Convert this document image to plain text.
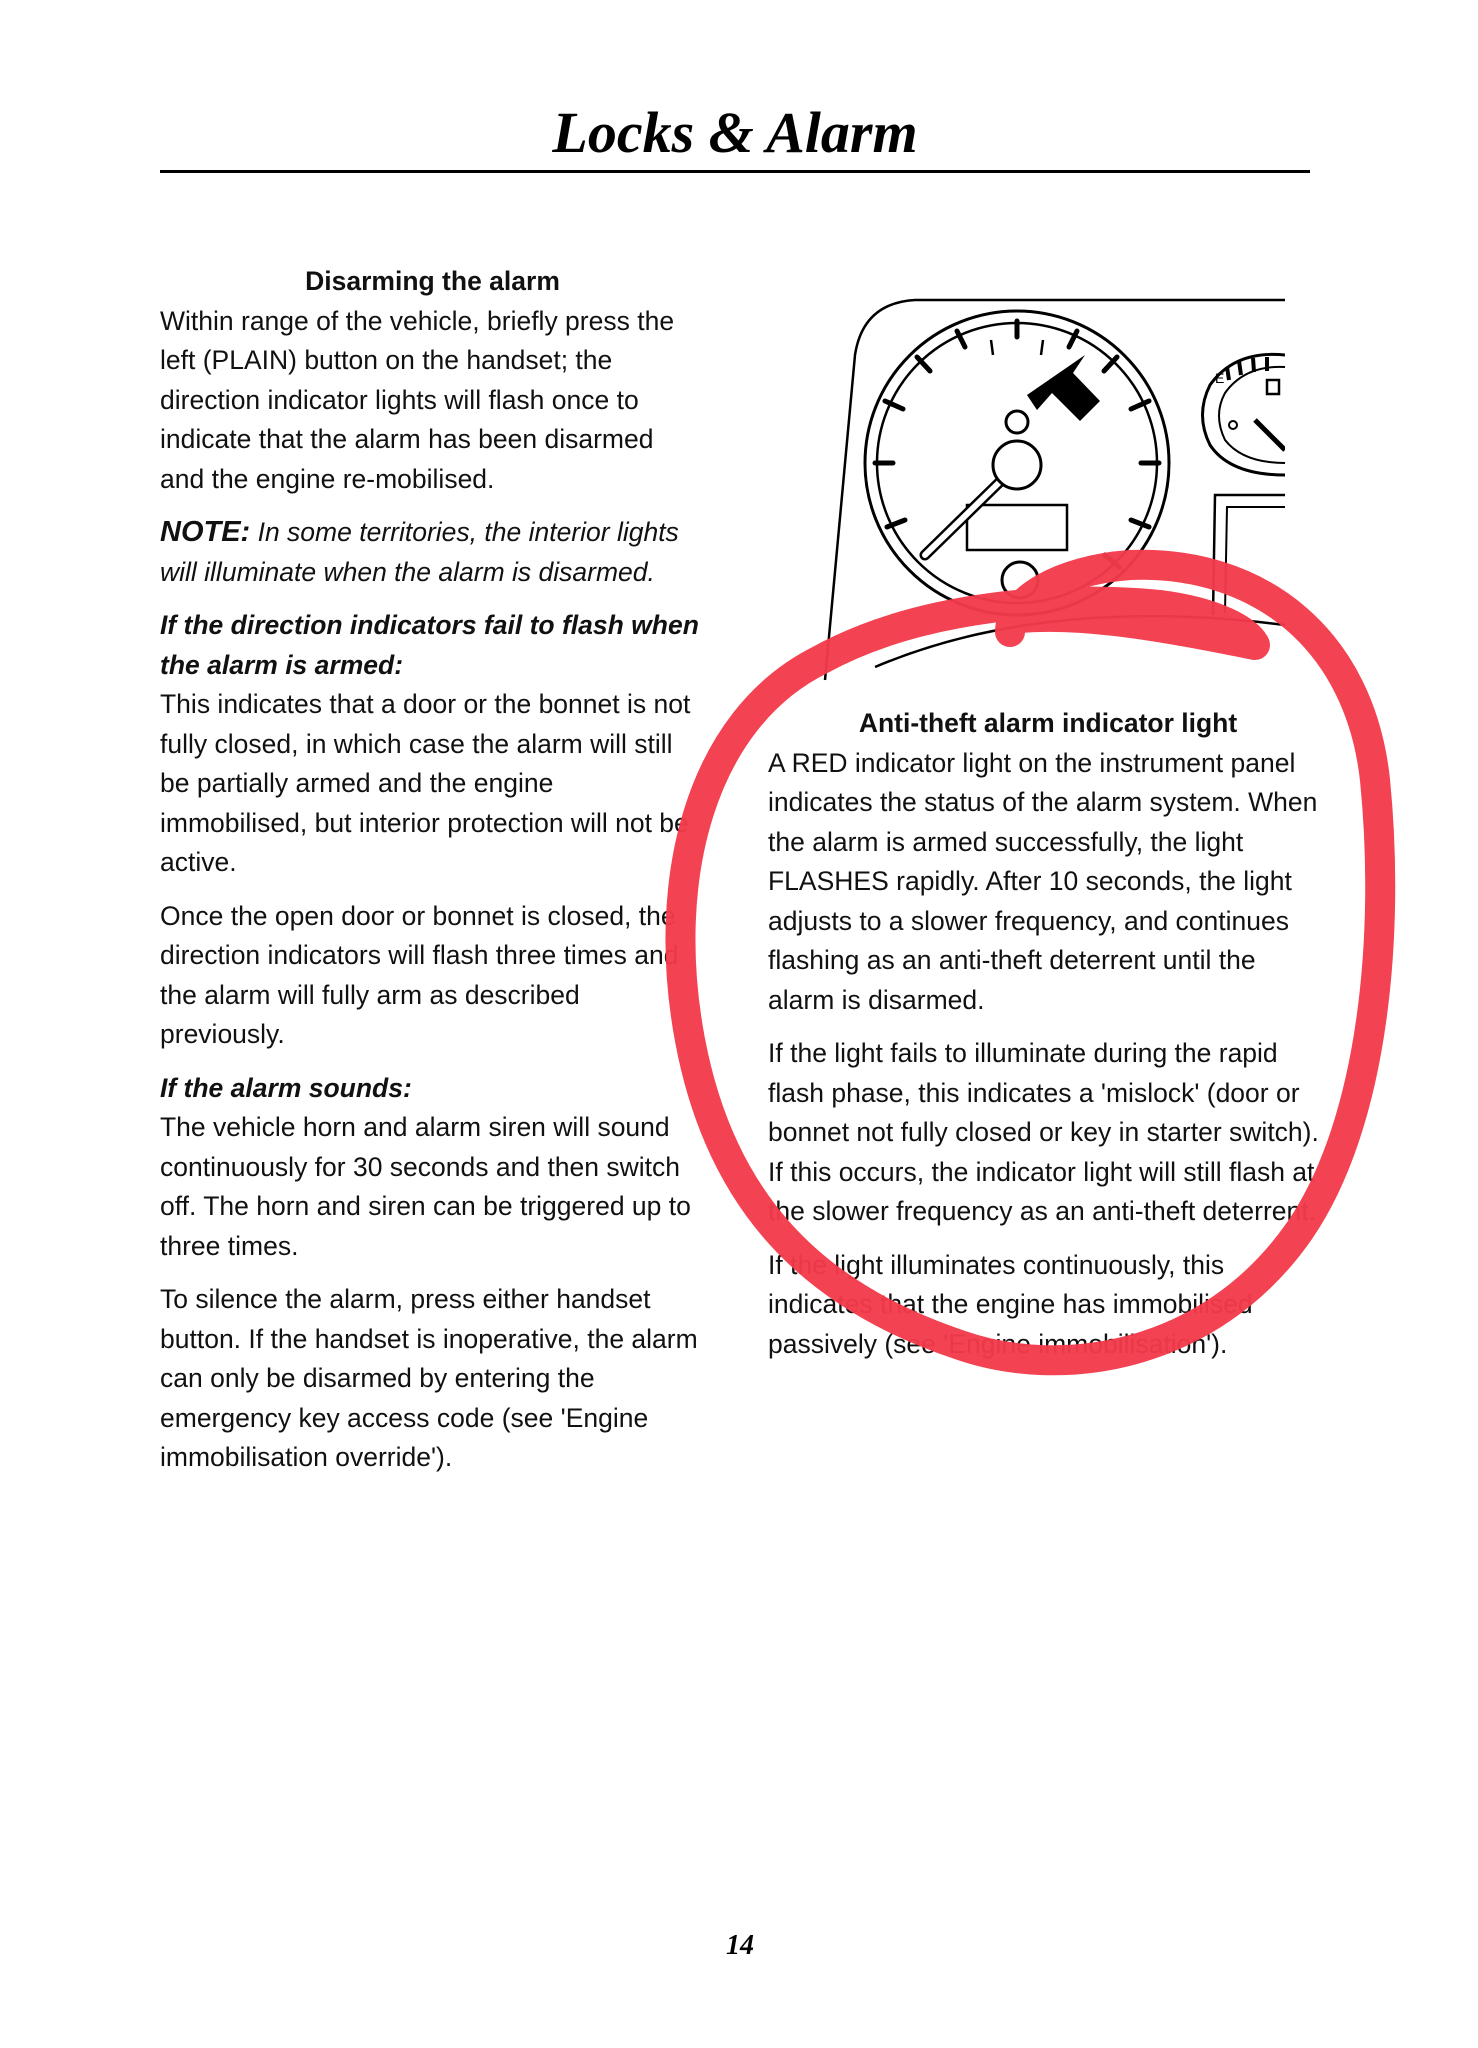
Locks & Alarm

Disarming the alarm

Within range of the vehicle, briefly press the left (PLAIN) button on the handset; the direction indicator lights will flash once to indicate that the alarm has been disarmed and the engine re-mobilised.

NOTE: In some territories, the interior lights will illuminate when the alarm is disarmed.

If the direction indicators fail to flash when the alarm is armed:

This indicates that a door or the bonnet is not fully closed, in which case the alarm will still be partially armed and the engine immobilised, but interior protection will not be active.

Once the open door or bonnet is closed, the direction indicators will flash three times and the alarm will fully arm as described previously.

If the alarm sounds:

The vehicle horn and alarm siren will sound continuously for 30 seconds and then switch off. The horn and siren can be triggered up to three times.

To silence the alarm, press either handset button. If the handset is inoperative, the alarm can only be disarmed by entering the emergency key access code (see 'Engine immobilisation override').

E

Anti-theft alarm indicator light

A RED indicator light on the instrument panel indicates the status of the alarm system. When the alarm is armed successfully, the light FLASHES rapidly. After 10 seconds, the light adjusts to a slower frequency, and continues flashing as an anti-theft deterrent until the alarm is disarmed.

If the light fails to illuminate during the rapid flash phase, this indicates a 'mislock' (door or bonnet not fully closed or key in starter switch). If this occurs, the indicator light will still flash at the slower frequency as an anti-theft deterrent.

If the light illuminates continuously, this indicates that the engine has immobilised passively (see 'Engine immobilisation').

14
